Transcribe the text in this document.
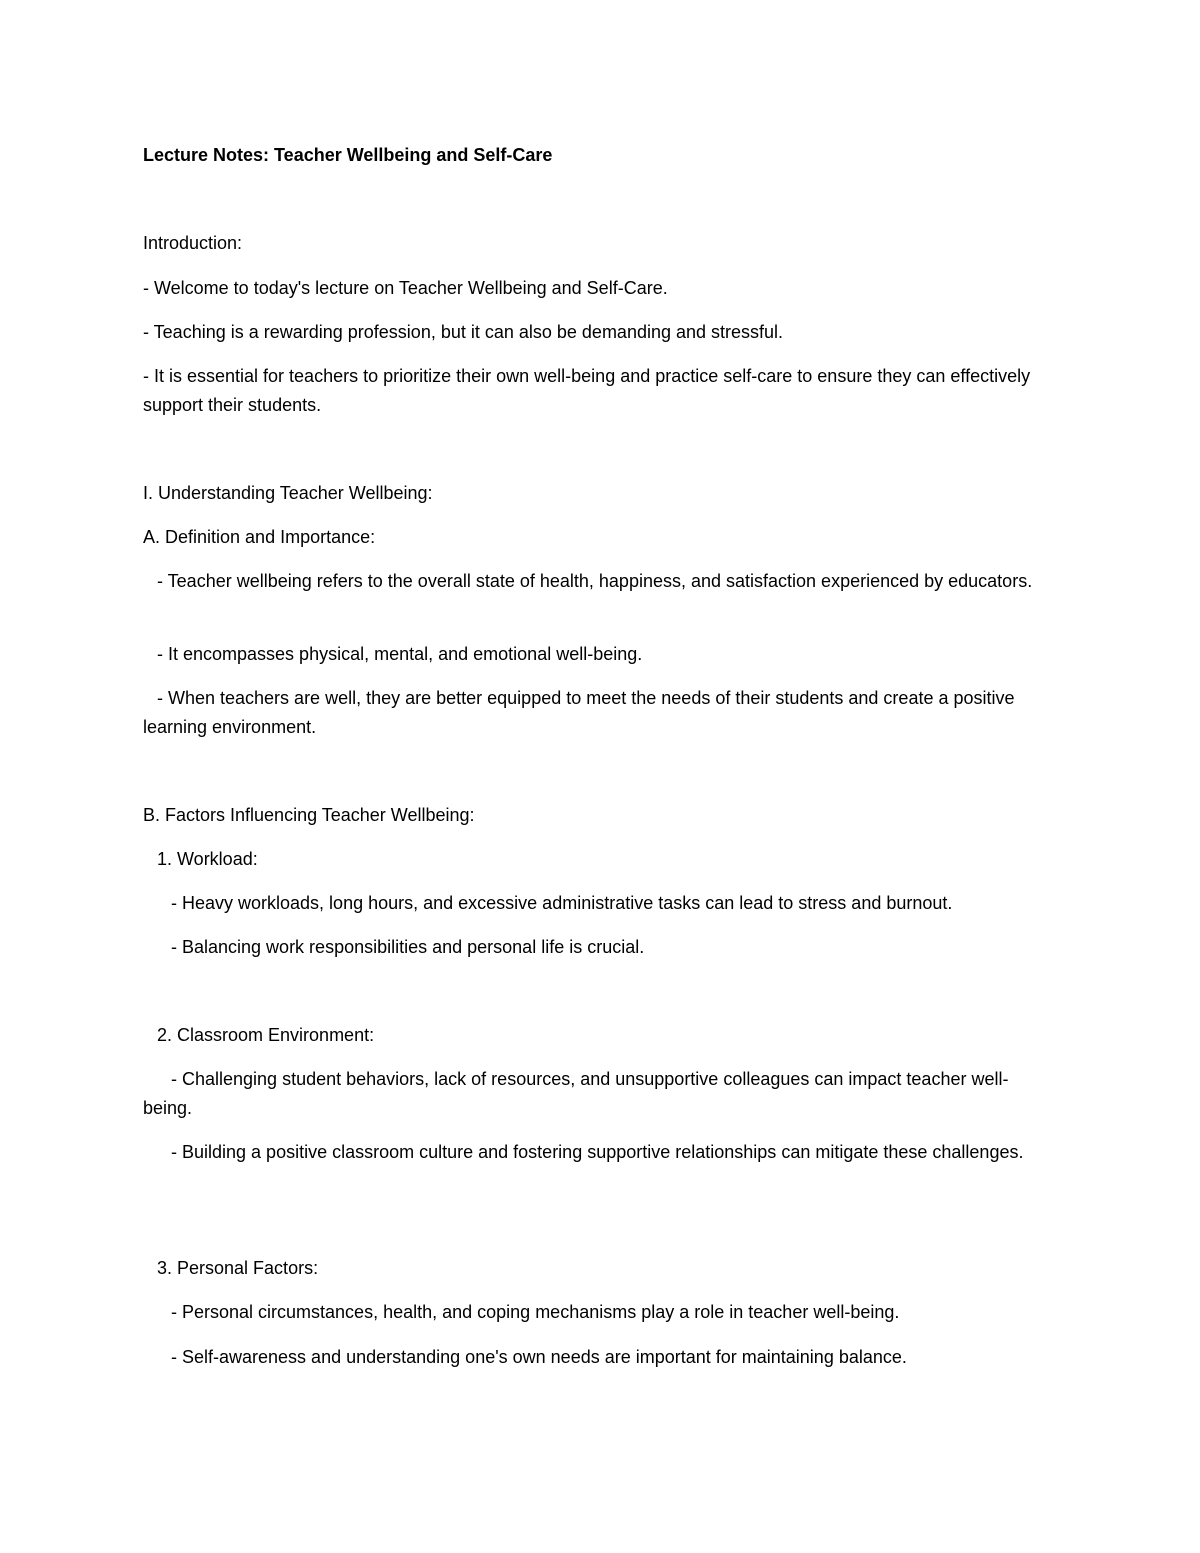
Lecture Notes: Teacher Wellbeing and Self-Care

Introduction:

- Welcome to today's lecture on Teacher Wellbeing and Self-Care.

- Teaching is a rewarding profession, but it can also be demanding and stressful.

- It is essential for teachers to prioritize their own well-being and practice self-care to ensure they can effectively support their students.

I. Understanding Teacher Wellbeing:

A. Definition and Importance:

- Teacher wellbeing refers to the overall state of health, happiness, and satisfaction experienced by educators.

- It encompasses physical, mental, and emotional well-being.

- When teachers are well, they are better equipped to meet the needs of their students and create a positive learning environment.

B. Factors Influencing Teacher Wellbeing:

1. Workload:

- Heavy workloads, long hours, and excessive administrative tasks can lead to stress and burnout.

- Balancing work responsibilities and personal life is crucial.

2. Classroom Environment:

- Challenging student behaviors, lack of resources, and unsupportive colleagues can impact teacher well-being.

- Building a positive classroom culture and fostering supportive relationships can mitigate these challenges.

3. Personal Factors:

- Personal circumstances, health, and coping mechanisms play a role in teacher well-being.

- Self-awareness and understanding one's own needs are important for maintaining balance.
